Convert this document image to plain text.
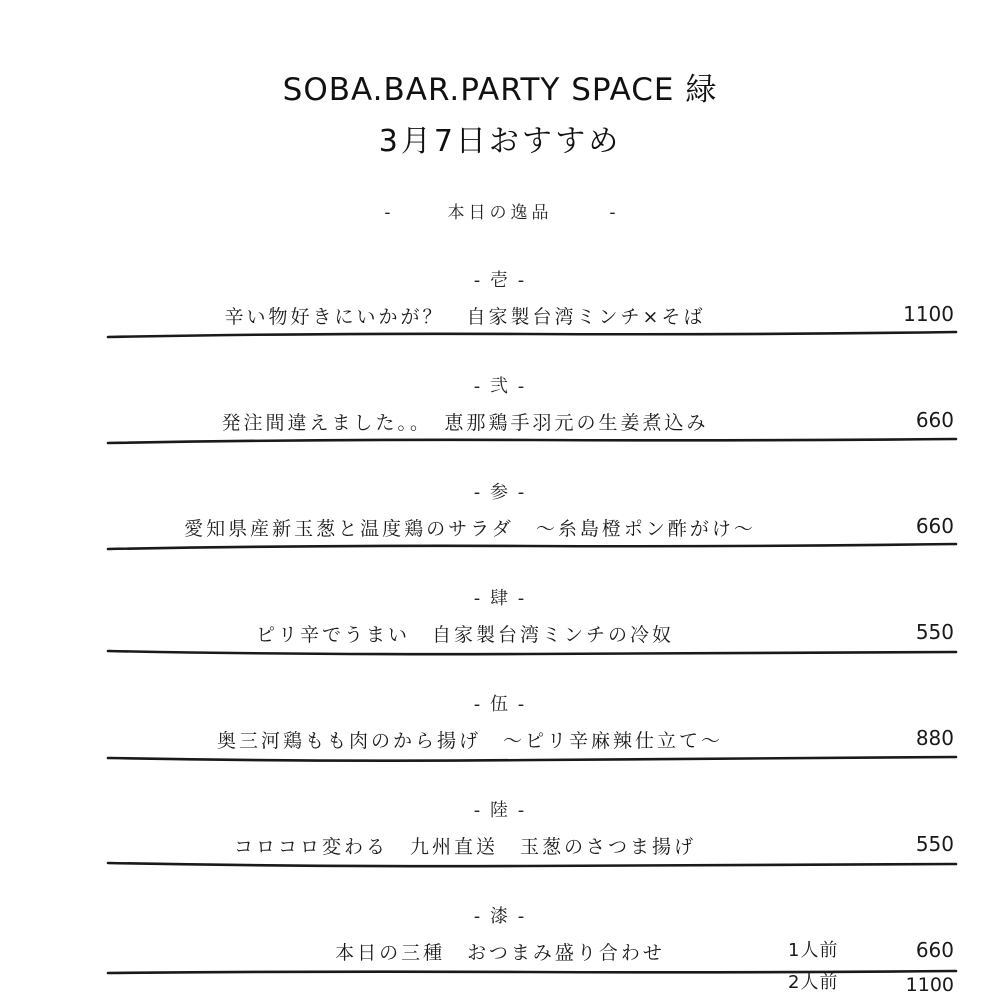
SOBA.BAR.PARTY SPACE 緑
3月7日おすすめ
-	本日の逸品	-
- 壱 -
辛い物好きにいかが？　自家製台湾ミンチ×そば	1100
- 弐 -
発注間違えました。。　恵那鶏手羽元の生姜煮込み	660
- 参 -
愛知県産新玉葱と温度鶏のサラダ　～糸島橙ポン酢がけ～	660
- 肆 -
ピリ辛でうまい　自家製台湾ミンチの冷奴	550
- 伍 -
奥三河鶏もも肉のから揚げ　～ピリ辛麻辣仕立て～	880
- 陸 -
コロコロ変わる　九州直送　玉葱のさつま揚げ	550
- 漆 -
本日の三種　おつまみ盛り合わせ	1人前	660
2人前	1100
